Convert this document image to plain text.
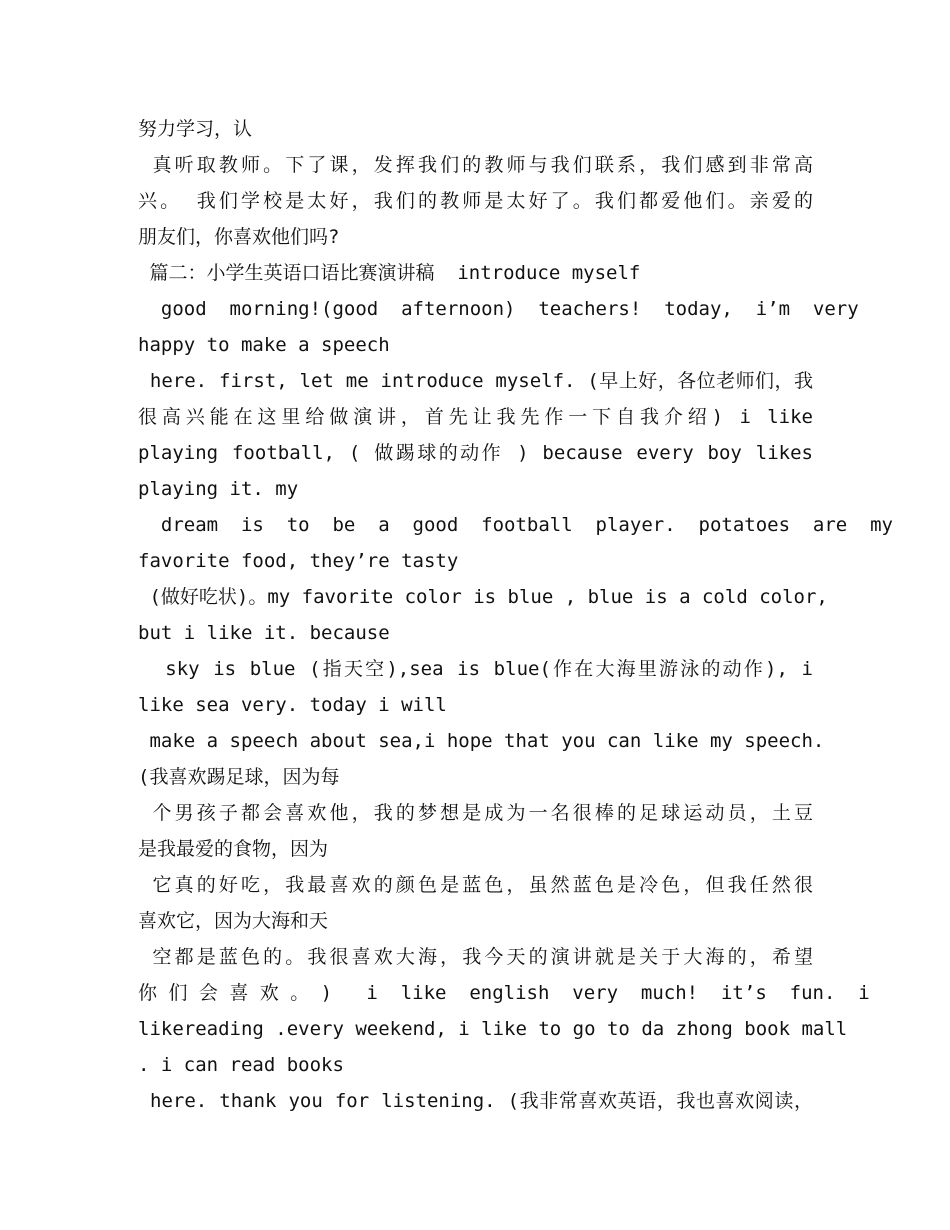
努力学习，认
真听取教师。下了课，发挥我们的教师与我们联系，我们感到非常高
兴。 我们学校是太好，我们的教师是太好了。我们都爱他们。亲爱的
朋友们，你喜欢他们吗?
篇二：小学生英语口语比赛演讲稿  introduce myself
good  morning!(good  afternoon)  teachers!  today,  i’m  very
happy to make a speech
here. first, let me introduce myself. (早上好，各位老师们，我
很高兴能在这里给做演讲，首先让我先作一下自我介绍) i like
playing football, ( 做踢球的动作 ) because every boy likes
playing it. my
dream  is  to  be  a  good  football  player.  potatoes  are  my
favorite food, they’re tasty
(做好吃状)。my favorite color is blue , blue is a cold color,
but i like it. because
sky is blue (指天空),sea is blue(作在大海里游泳的动作), i
like sea very. today i will
make a speech about sea,i hope that you can like my speech.
(我喜欢踢足球，因为每
个男孩子都会喜欢他，我的梦想是成为一名很棒的足球运动员，土豆
是我最爱的食物，因为
它真的好吃，我最喜欢的颜色是蓝色，虽然蓝色是冷色，但我任然很
喜欢它，因为大海和天
空都是蓝色的。我很喜欢大海，我今天的演讲就是关于大海的，希望
你 们 会 喜 欢 。 )   i  like  english  very  much!  it’s  fun.  i
likereading .every weekend, i like to go to da zhong book mall
. i can read books
here. thank you for listening. (我非常喜欢英语，我也喜欢阅读，
